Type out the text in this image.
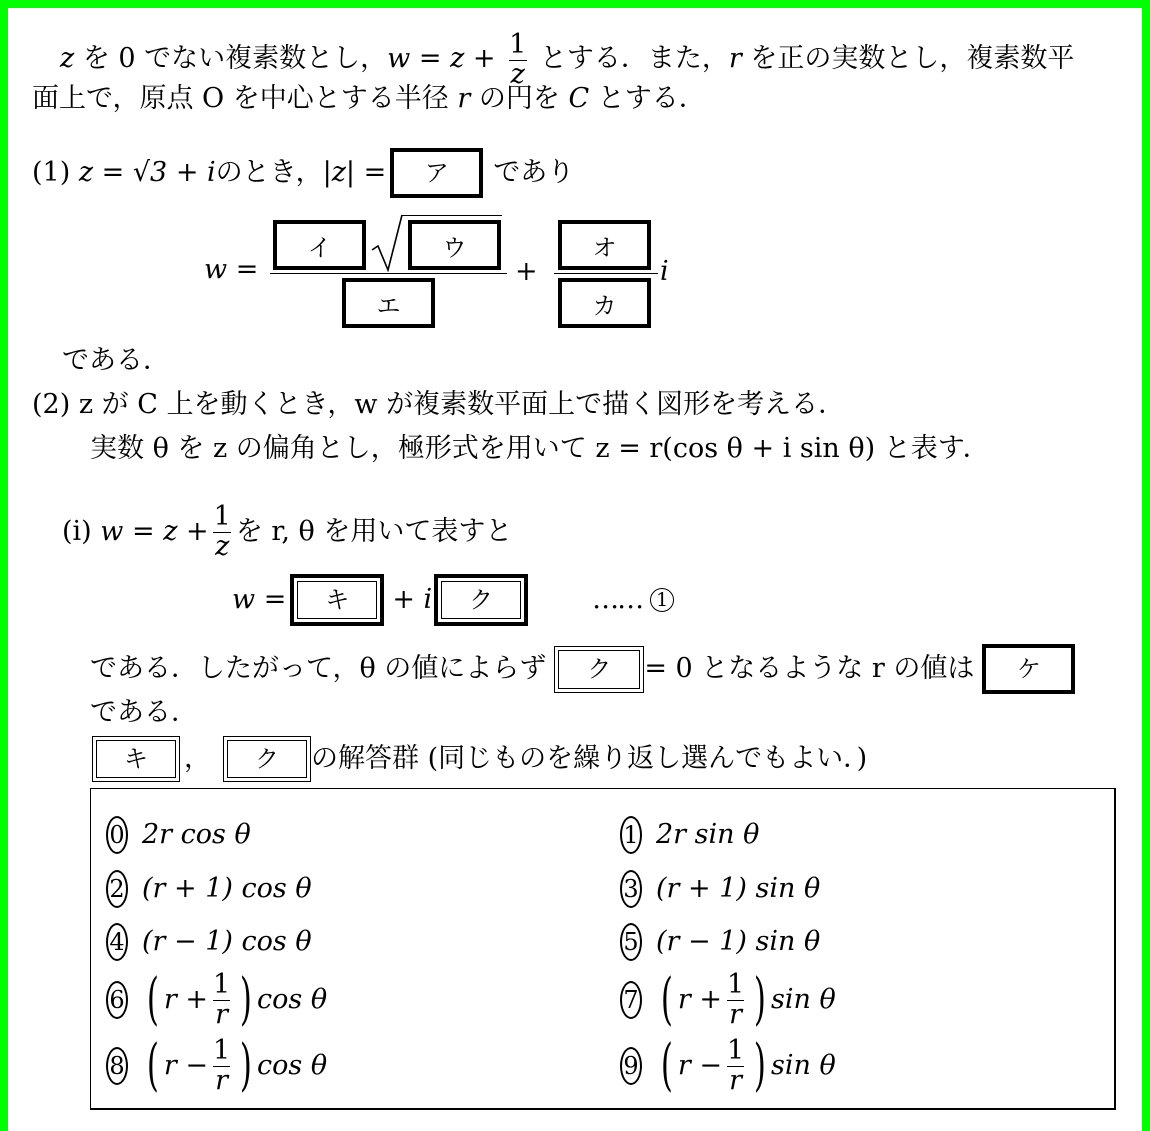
z を 0 でない複素数とし，$w = z + \frac{1}{z}$ とする．また，r を正の実数とし，複素数平
面上で，原点 O を中心とする半径 r の円を C とする．
(1)
z = √3 + i のとき， |z| =	ア	であり
w =
イ	ウ
エ
+
オ
カ
i
である．
(2) z が C 上を動くとき，w が複素数平面上で描く図形を考える．
実数 θ を z の偏角とし，極形式を用いて z = r(cos θ + i sin θ) と表す．
(i)
$w = z + \frac{1}{z}$ を r, θ を用いて表すと
w =	キ	+ i	ク	…… 1
である．したがって，θ の値によらず	ク	= 0 となるような r の値は	ケ
である．
キ	，	ク	の解答群 (同じものを繰り返し選んでもよい．)
0 2r cos θ	1 2r sin θ
2 (r + 1) cos θ	3 (r + 1) sin θ
4 (r − 1) cos θ	5 (r − 1) sin θ
6 ( $r + \frac{1}{r}$ ) cos θ	7 ( $r + \frac{1}{r}$ ) sin θ
8 ( $r - \frac{1}{r}$ ) cos θ	9 ( $r - \frac{1}{r}$ ) sin θ
